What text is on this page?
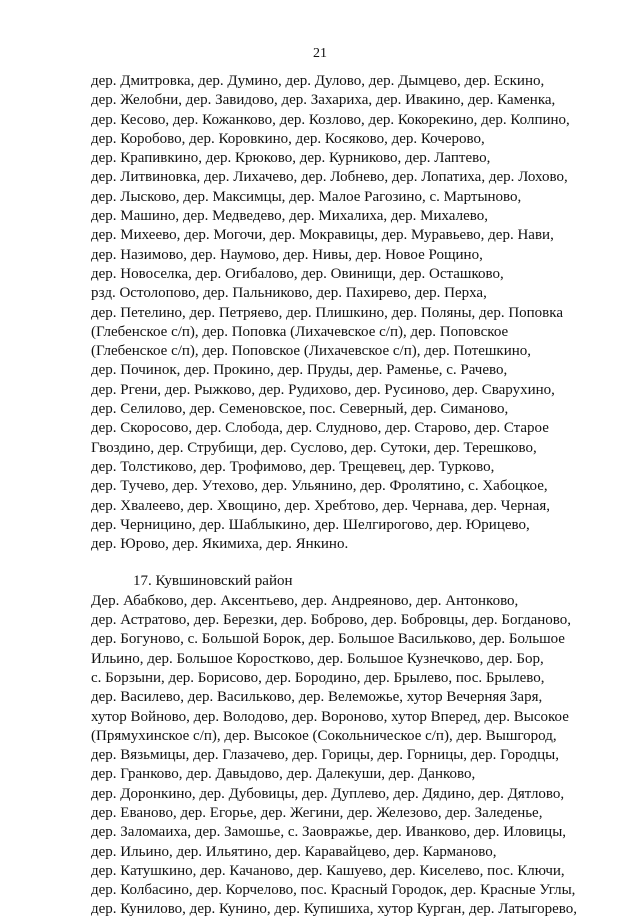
21

дер. Дмитровка, дер. Думино, дер. Дулово, дер. Дымцево, дер. Ескино,
дер. Желобни, дер. Завидово, дер. Захариха, дер. Ивакино, дер. Каменка,
дер. Кесово, дер. Кожанково, дер. Козлово, дер. Кокорекино, дер. Колпино,
дер. Коробово, дер. Коровкино, дер. Косяково, дер. Кочерово,
дер. Крапивкино, дер. Крюково, дер. Курниково, дер. Лаптево,
дер. Литвиновка, дер. Лихачево, дер. Лобнево, дер. Лопатиха, дер. Лохово,
дер. Лысково, дер. Максимцы, дер. Малое Рагозино, с. Мартыново,
дер. Машино, дер. Медведево, дер. Михалиха, дер. Михалево,
дер. Михеево, дер. Могочи, дер. Мокравицы, дер. Муравьево, дер. Нави,
дер. Назимово, дер. Наумово, дер. Нивы, дер. Новое Рощино,
дер. Новоселка, дер. Огибалово, дер. Овинищи, дер. Осташково,
рзд. Остолопово, дер. Пальниково, дер. Пахирево, дер. Перха,
дер. Петелино, дер. Петряево, дер. Плишкино, дер. Поляны, дер. Поповка
(Глебенское с/п), дер. Поповка (Лихачевское с/п), дер. Поповское
(Глебенское с/п), дер. Поповское (Лихачевское с/п), дер. Потешкино,
дер. Починок, дер. Прокино, дер. Пруды, дер. Раменье, с. Рачево,
дер. Ргени, дер. Рыжково, дер. Рудихово, дер. Русиново, дер. Сварухино,
дер. Селилово, дер. Семеновское, пос. Северный, дер. Симаново,
дер. Скоросово, дер. Слобода, дер. Слудново, дер. Старово, дер. Старое
Гвоздино, дер. Струбищи, дер. Суслово, дер. Сутоки, дер. Терешково,
дер. Толстиково, дер. Трофимово, дер. Трещевец, дер. Турково,
дер. Тучево, дер. Утехово, дер. Ульянино, дер. Фролятино, с. Хабоцкое,
дер. Хвалеево, дер. Хвощино, дер. Хребтово, дер. Чернава, дер. Черная,
дер. Черницино, дер. Шаблыкино, дер. Шелгирогово, дер. Юрицево,
дер. Юрово, дер. Якимиха, дер. Янкино.

17. Кувшиновский район

Дер. Абабково, дер. Аксентьево, дер. Андреяново, дер. Антонково,
дер. Астратово, дер. Березки, дер. Боброво, дер. Бобровцы, дер. Богданово,
дер. Богуново, с. Большой Борок, дер. Большое Васильково, дер. Большое
Ильино, дер. Большое Коростково, дер. Большое Кузнечково, дер. Бор,
с. Борзыни, дер. Борисово, дер. Бородино, дер. Брылево, пос. Брылево,
дер. Василево, дер. Васильково, дер. Велеможье, хутор Вечерняя Заря,
хутор Войново, дер. Володово, дер. Вороново, хутор Вперед, дер. Высокое
(Прямухинское с/п), дер. Высокое (Сокольническое с/п), дер. Вышгород,
дер. Вязьмицы, дер. Глазачево, дер. Горицы, дер. Горницы, дер. Городцы,
дер. Гранково, дер. Давыдово, дер. Далекуши, дер. Данково,
дер. Доронкино, дер. Дубовицы, дер. Дуплево, дер. Дядино, дер. Дятлово,
дер. Еваново, дер. Егорье, дер. Жегини, дер. Железово, дер. Заледенье,
дер. Заломаиха, дер. Замошье, с. Заовражье, дер. Иванково, дер. Иловицы,
дер. Ильино, дер. Ильятино, дер. Каравайцево, дер. Карманово,
дер. Катушкино, дер. Качаново, дер. Кашуево, дер. Киселево, пос. Ключи,
дер. Колбасино, дер. Корчелово, пос. Красный Городок, дер. Красные Углы,
дер. Кунилово, дер. Кунино, дер. Купишиха, хутор Курган, дер. Латыгорево,
